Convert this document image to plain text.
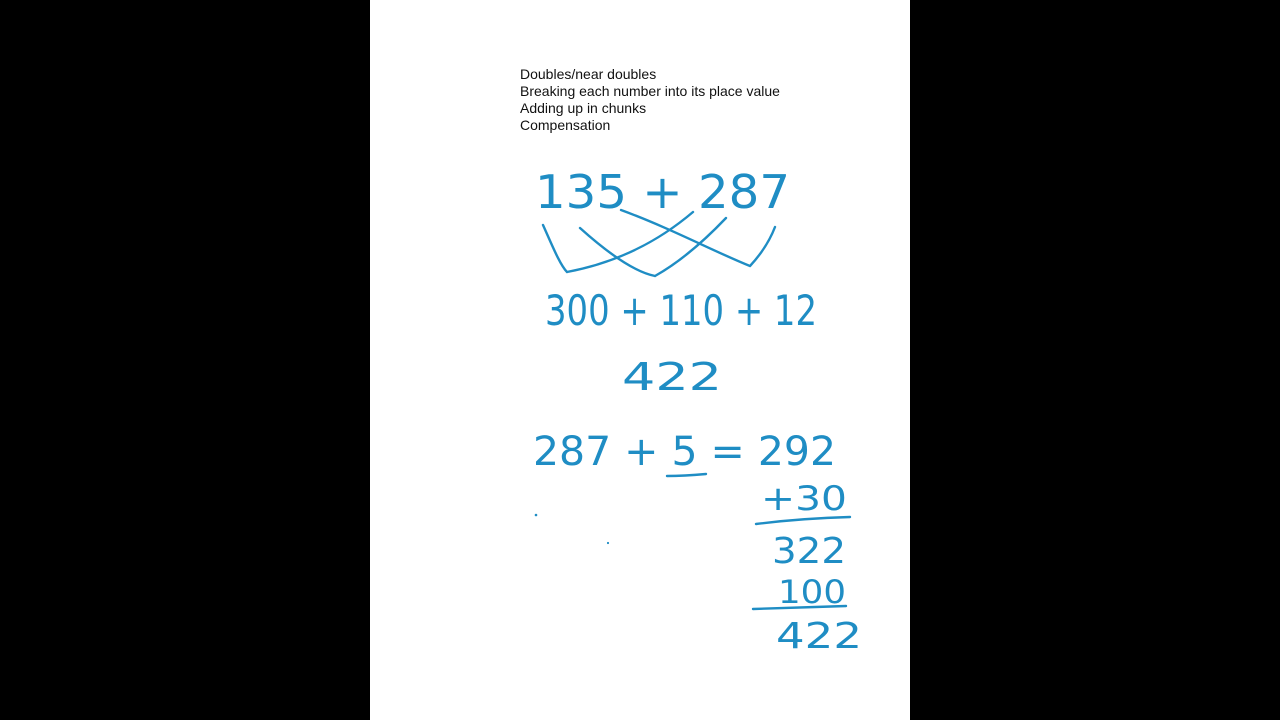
Doubles/near doubles
Breaking each number into its place value
Adding up in chunks
Compensation
135 + 287
300 + 110 + 12
422
287 + 5 = 292
+30
322
100
422
